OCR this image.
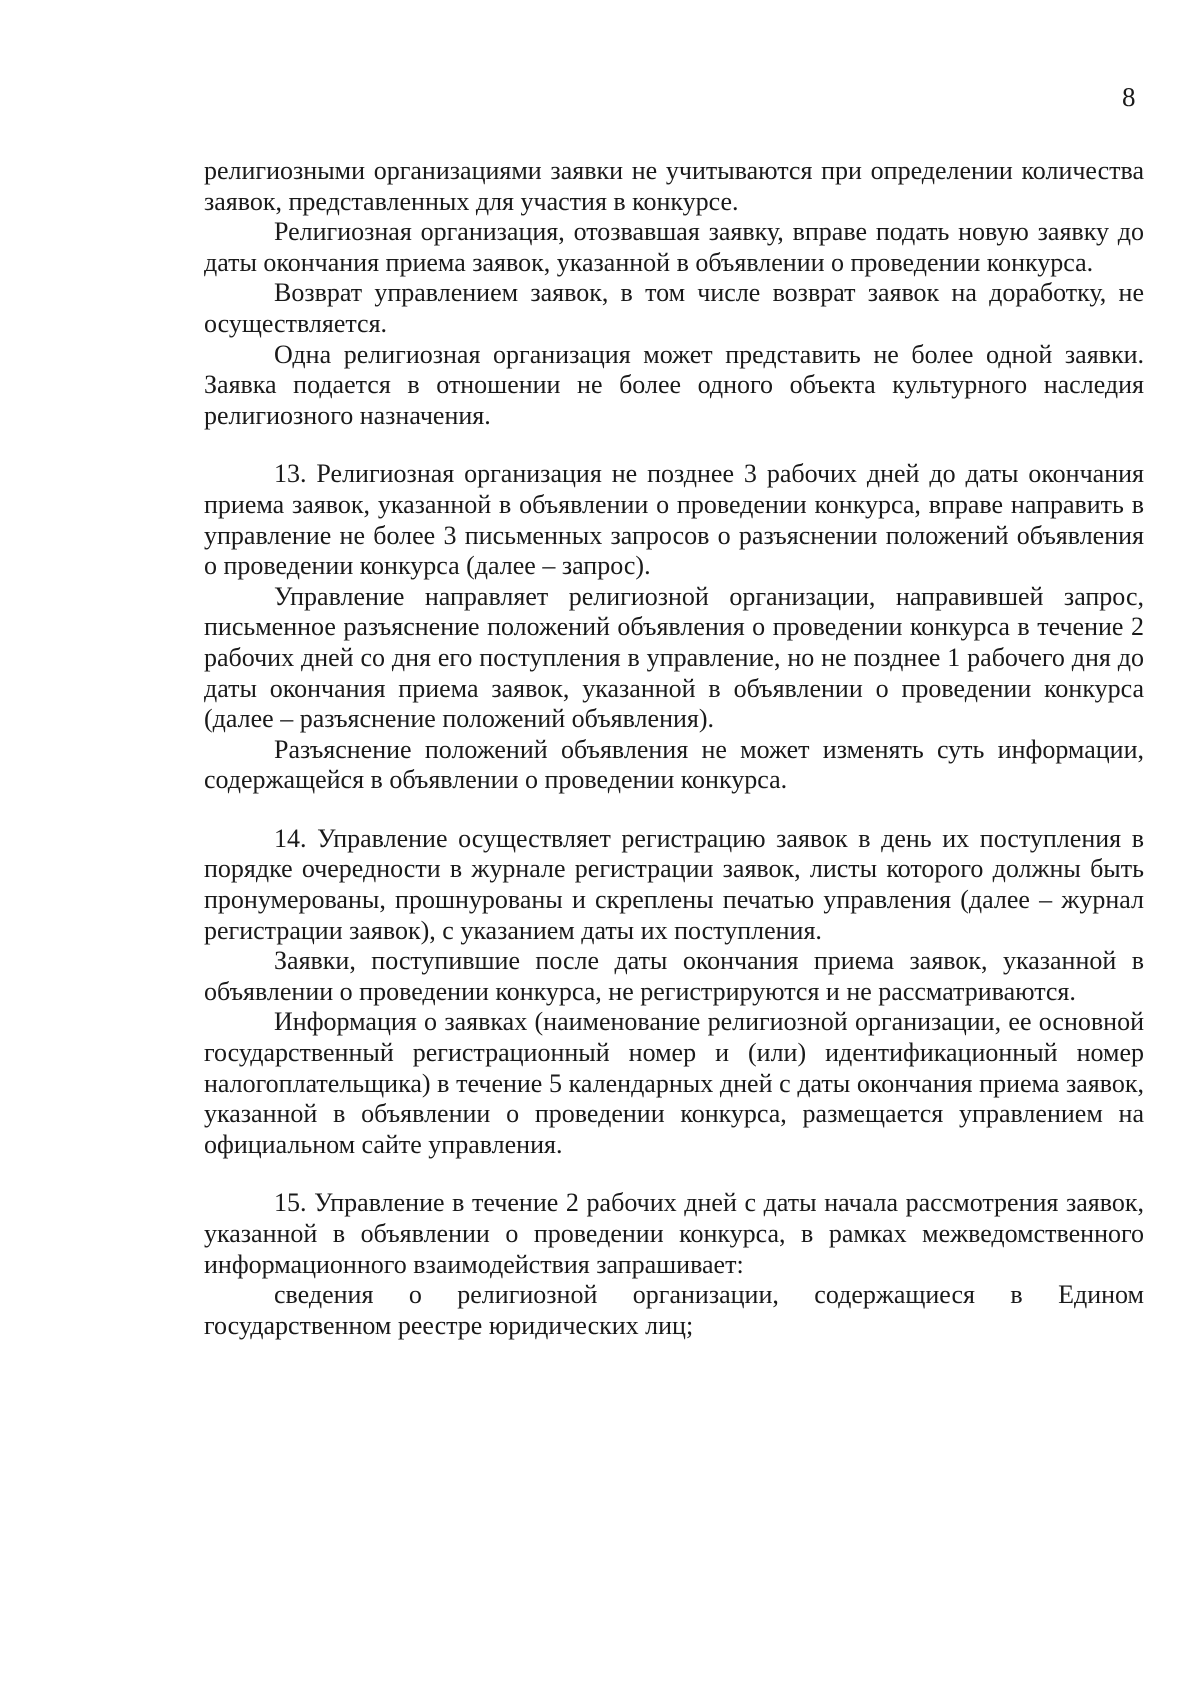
8

религиозными организациями заявки не учитываются при определении количества заявок, представленных для участия в конкурсе.

Религиозная организация, отозвавшая заявку, вправе подать новую заявку до даты окончания приема заявок, указанной в объявлении о проведении конкурса.

Возврат управлением заявок, в том числе возврат заявок на доработку, не осуществляется.

Одна религиозная организация может представить не более одной заявки. Заявка подается в отношении не более одного объекта культурного наследия религиозного назначения.

13. Религиозная организация не позднее 3 рабочих дней до даты окончания приема заявок, указанной в объявлении о проведении конкурса, вправе направить в управление не более 3 письменных запросов о разъяснении положений объявления о проведении конкурса (далее – запрос).

Управление направляет религиозной организации, направившей запрос, письменное разъяснение положений объявления о проведении конкурса в течение 2 рабочих дней со дня его поступления в управление, но не позднее 1 рабочего дня до даты окончания приема заявок, указанной в объявлении о проведении конкурса (далее – разъяснение положений объявления).

Разъяснение положений объявления не может изменять суть информации, содержащейся в объявлении о проведении конкурса.

14. Управление осуществляет регистрацию заявок в день их поступления в порядке очередности в журнале регистрации заявок, листы которого должны быть пронумерованы, прошнурованы и скреплены печатью управления (далее – журнал регистрации заявок), с указанием даты их поступления.

Заявки, поступившие после даты окончания приема заявок, указанной в объявлении о проведении конкурса, не регистрируются и не рассматриваются.

Информация о заявках (наименование религиозной организации, ее основной государственный регистрационный номер и (или) идентификационный номер налогоплательщика) в течение 5 календарных дней с даты окончания приема заявок, указанной в объявлении о проведении конкурса, размещается управлением на официальном сайте управления.

15. Управление в течение 2 рабочих дней с даты начала рассмотрения заявок, указанной в объявлении о проведении конкурса, в рамках межведомственного информационного взаимодействия запрашивает:

сведения о религиозной организации, содержащиеся в Едином государственном реестре юридических лиц;
